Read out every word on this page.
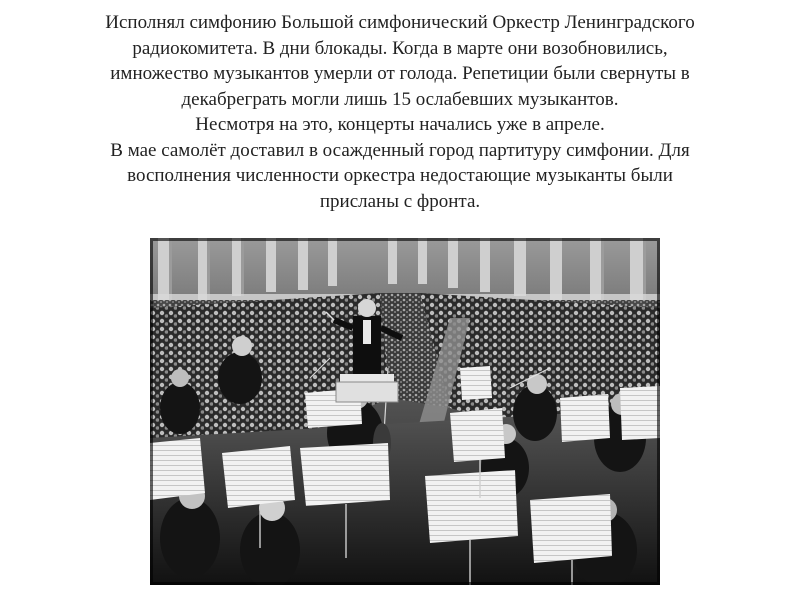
Исполнял симфонию Большой симфонический Оркестр Ленинградского
радиокомитета. В дни блокады. Когда в марте они возобновились,
имножество музыкантов умерли от голода. Репетиции были свернуты в
декабреграть могли лишь 15 ослабевших музыкантов.
Несмотря на это, концерты начались уже в апреле.
В мае самолёт доставил в осажденный город партитуру симфонии. Для
восполнения численности оркестра недостающие музыканты были
присланы с фронта.
